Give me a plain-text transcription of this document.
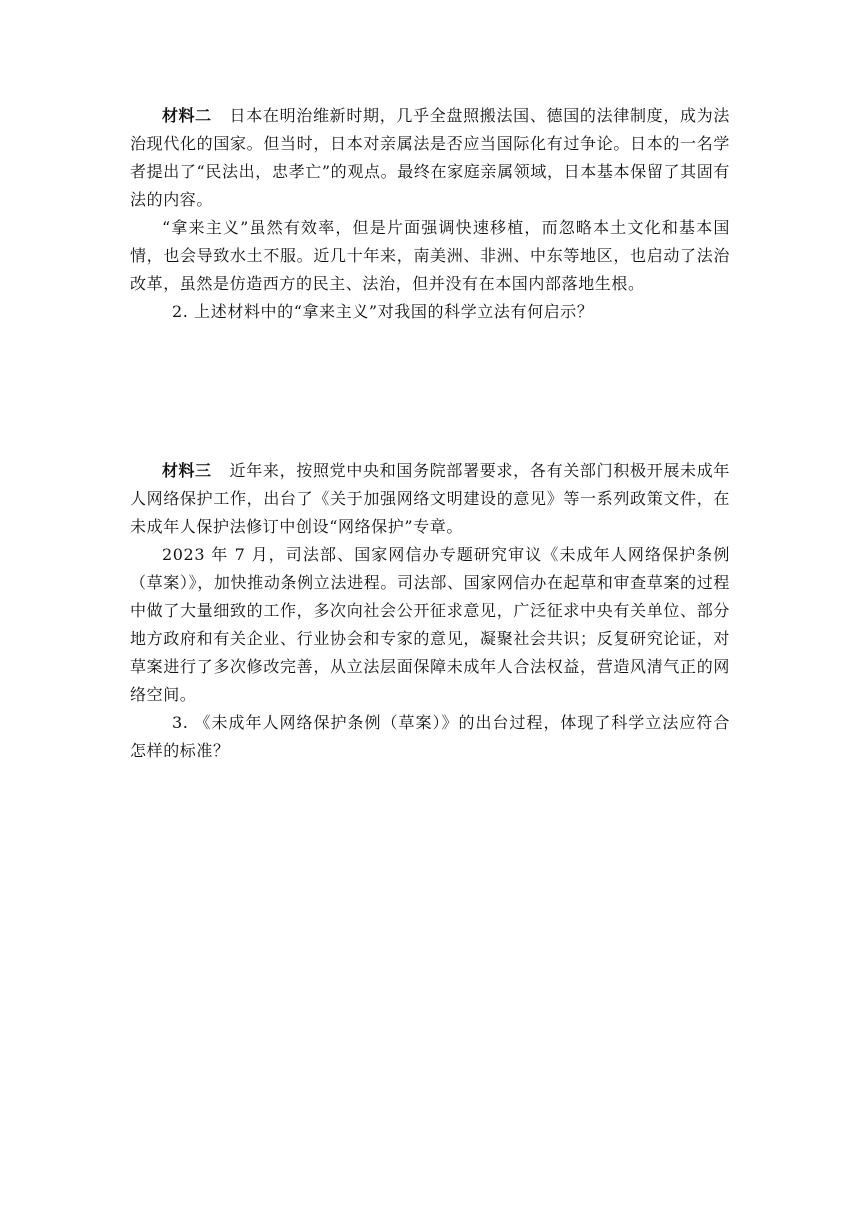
材料二 日本在明治维新时期，几乎全盘照搬法国、德国的法律制度，成为法治现代化的国家。但当时，日本对亲属法是否应当国际化有过争论。日本的一名学者提出了“民法出，忠孝亡”的观点。最终在家庭亲属领域，日本基本保留了其固有法的内容。

“拿来主义”虽然有效率，但是片面强调快速移植，而忽略本土文化和基本国情，也会导致水土不服。近几十年来，南美洲、非洲、中东等地区，也启动了法治改革，虽然是仿造西方的民主、法治，但并没有在本国内部落地生根。

2. 上述材料中的“拿来主义”对我国的科学立法有何启示？

材料三 近年来，按照党中央和国务院部署要求，各有关部门积极开展未成年人网络保护工作，出台了《关于加强网络文明建设的意见》等一系列政策文件，在未成年人保护法修订中创设“网络保护”专章。

2023 年 7 月，司法部、国家网信办专题研究审议《未成年人网络保护条例（草案）》，加快推动条例立法进程。司法部、国家网信办在起草和审查草案的过程中做了大量细致的工作，多次向社会公开征求意见，广泛征求中央有关单位、部分地方政府和有关企业、行业协会和专家的意见，凝聚社会共识；反复研究论证，对草案进行了多次修改完善，从立法层面保障未成年人合法权益，营造风清气正的网络空间。

3. 《未成年人网络保护条例（草案）》的出台过程，体现了科学立法应符合怎样的标准？
